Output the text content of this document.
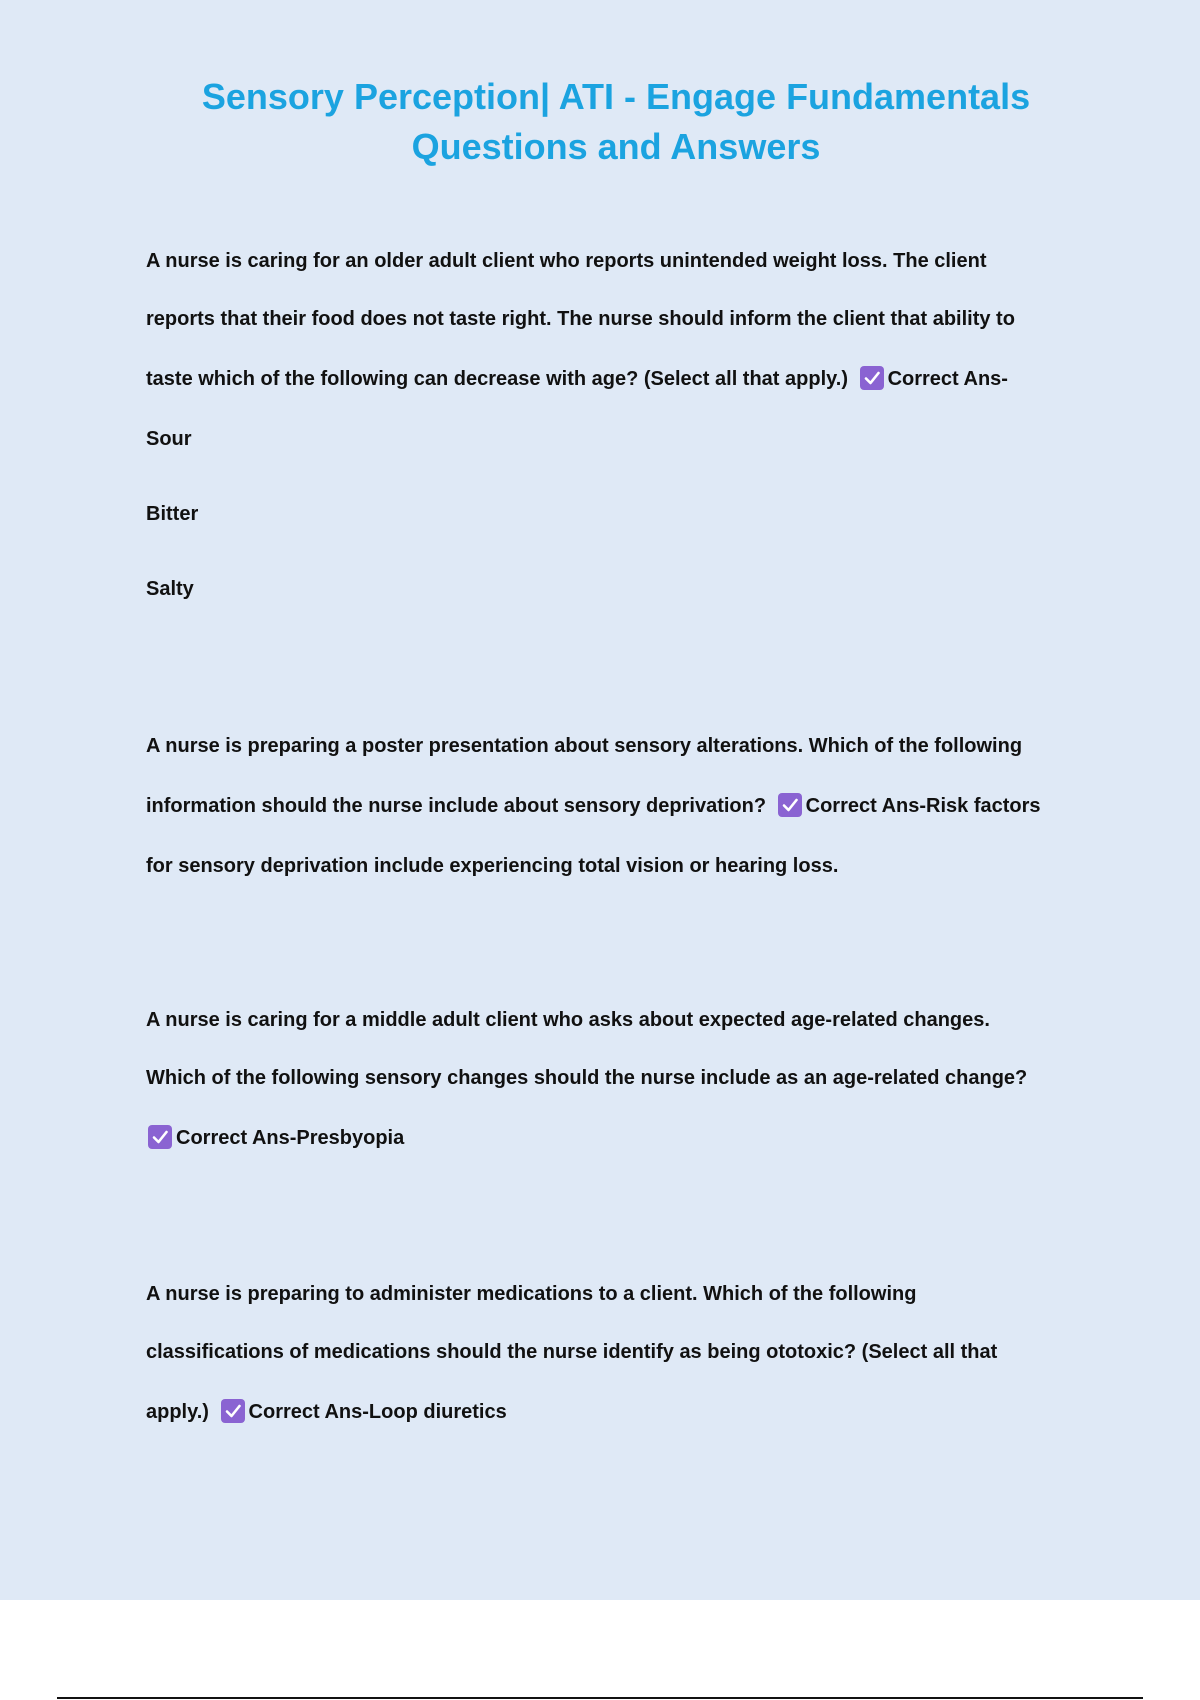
Sensory Perception| ATI - Engage Fundamentals
Questions and Answers
A nurse is caring for an older adult client who reports unintended weight loss. The client
reports that their food does not taste right. The nurse should inform the client that ability to
taste which of the following can decrease with age? (Select all that apply.) Correct Ans-
Sour
Bitter
Salty
A nurse is preparing a poster presentation about sensory alterations. Which of the following
information should the nurse include about sensory deprivation? Correct Ans-Risk factors
for sensory deprivation include experiencing total vision or hearing loss.
A nurse is caring for a middle adult client who asks about expected age-related changes.
Which of the following sensory changes should the nurse include as an age-related change?
Correct Ans-Presbyopia
A nurse is preparing to administer medications to a client. Which of the following
classifications of medications should the nurse identify as being ototoxic? (Select all that
apply.) Correct Ans-Loop diuretics
